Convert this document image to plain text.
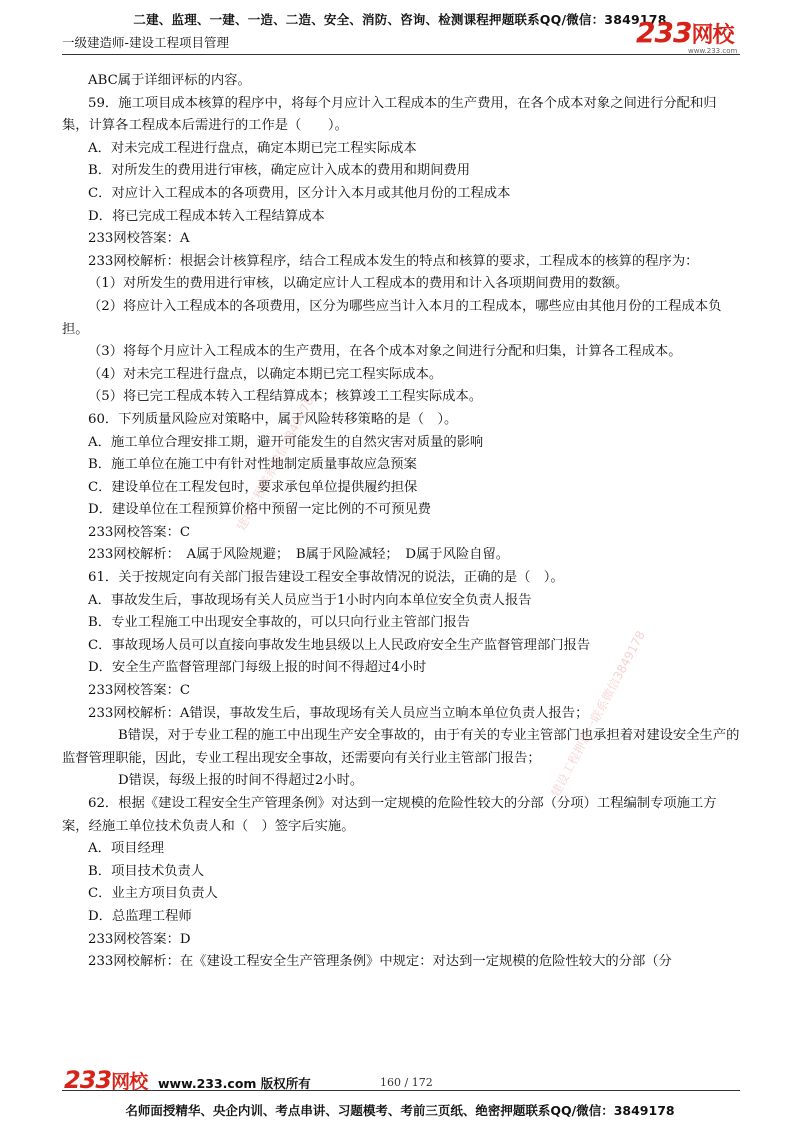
二建、监理、一建、一造、二造、安全、消防、咨询、检测课程押题联系QQ/微信：3849178
一级建造师-建设工程项目管理	233网校
www.233.com

ABC属于详细评标的内容。

59．施工项目成本核算的程序中，将每个月应计入工程成本的生产费用，在各个成本对象之间进行分配和归集，计算各工程成本后需进行的工作是（　　）。

A．对未完成工程进行盘点，确定本期已完工程实际成本

B．对所发生的费用进行审核，确定应计入成本的费用和期间费用

C．对应计入工程成本的各项费用，区分计入本月或其他月份的工程成本

D．将已完成工程成本转入工程结算成本

233网校答案：A

233网校解析：根据会计核算程序，结合工程成本发生的特点和核算的要求，工程成本的核算的程序为：

（1）对所发生的费用进行审核，以确定应计人工程成本的费用和计入各项期间费用的数额。

（2）将应计入工程成本的各项费用，区分为哪些应当计入本月的工程成本，哪些应由其他月份的工程成本负担。

（3）将每个月应计入工程成本的生产费用，在各个成本对象之间进行分配和归集，计算各工程成本。

（4）对未完工程进行盘点，以确定本期已完工程实际成本。

（5）将已完工程成本转入工程结算成本；核算竣工工程实际成本。

60．下列质量风险应对策略中，属于风险转移策略的是（　）。

A．施工单位合理安排工期，避开可能发生的自然灾害对质量的影响

B．施工单位在施工中有针对性地制定质量事故应急预案

C．建设单位在工程发包时，要求承包单位提供履约担保

D．建设单位在工程预算价格中预留一定比例的不可预见费

233网校答案：C

233网校解析：　A属于风险规避；　B属于风险减轻；　D属于风险自留。

61．关于按规定向有关部门报告建设工程安全事故情况的说法，正确的是（　）。

A．事故发生后，事故现场有关人员应当于1小时内向本单位安全负责人报告

B．专业工程施工中出现安全事故的，可以只向行业主管部门报告

C．事故现场人员可以直接向事故发生地县级以上人民政府安全生产监督管理部门报告

D．安全生产监督管理部门每级上报的时间不得超过4小时

233网校答案：C

233网校解析：A错误，事故发生后，事故现场有关人员应当立晌本单位负责人报告；

B错误，对于专业工程的施工中出现生产安全事故的，由于有关的专业主管部门也承担着对建设安全生产的监督管理职能，因此，专业工程出现安全事故，还需要向有关行业主管部门报告；

D错误，每级上报的时间不得超过2小时。

62．根据《建设工程安全生产管理条例》对达到一定规模的危险性较大的分部（分项）工程编制专项施工方案，经施工单位技术负责人和（　）签字后实施。

A．项目经理

B．项目技术负责人

C．业主方项目负责人

D．总监理工程师

233网校答案：D

233网校解析：在《建设工程安全生产管理条例》中规定：对达到一定规模的危险性较大的分部（分

建设工程联系微信3849178
建设工程押题一联系微信3849178
233网校 www.233.com 版权所有	160 / 172
名师面授精华、央企内训、考点串讲、习题模考、考前三页纸、绝密押题联系QQ/微信：3849178
